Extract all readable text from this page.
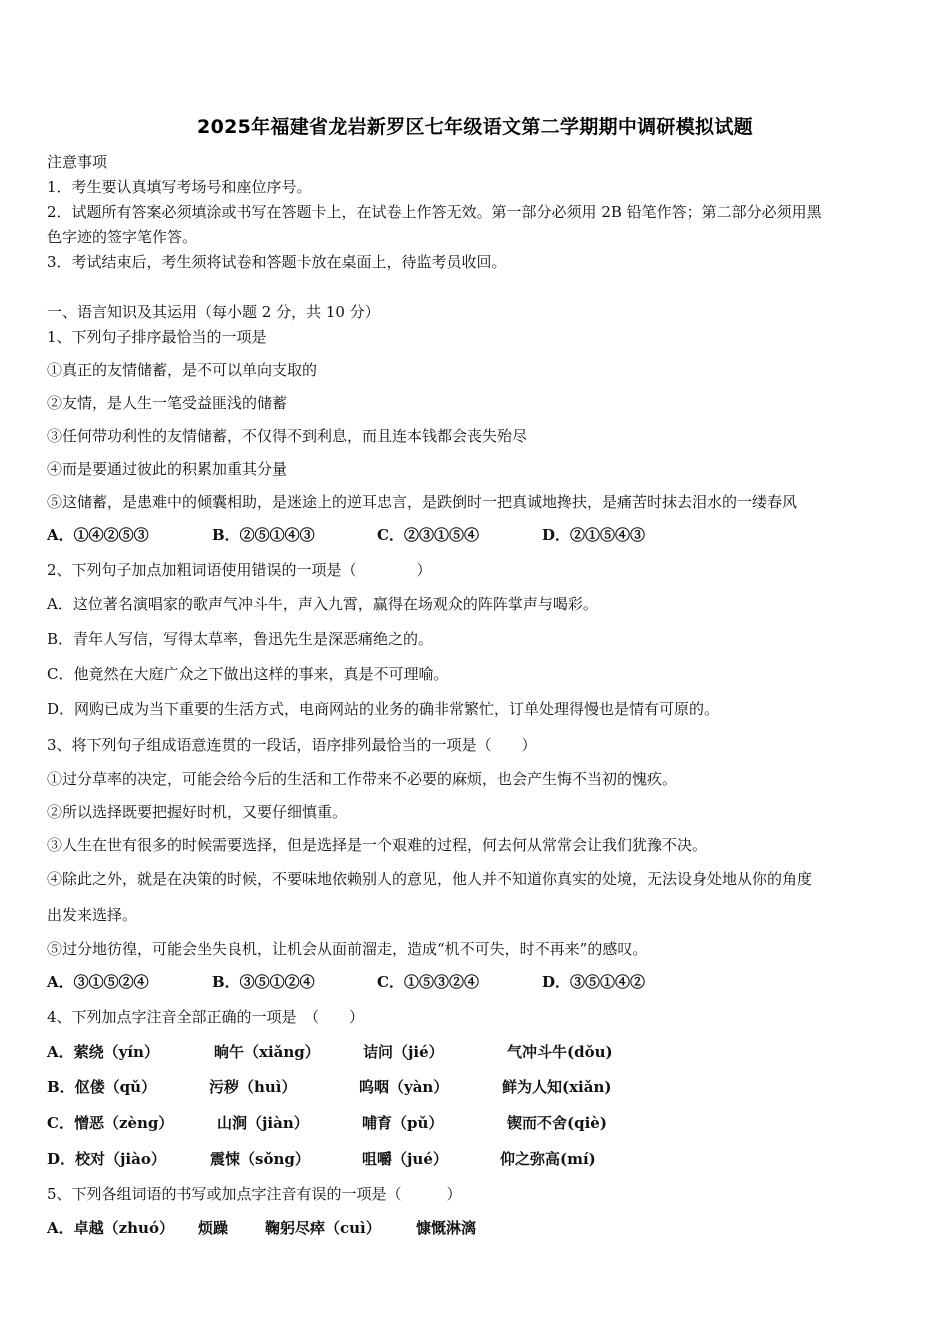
2025年福建省龙岩新罗区七年级语文第二学期期中调研模拟试题
注意事项
1．考生要认真填写考场号和座位序号。
2．试题所有答案必须填涂或书写在答题卡上，在试卷上作答无效。第一部分必须用 2B 铅笔作答；第二部分必须用黑
色字迹的签字笔作答。
3．考试结束后，考生须将试卷和答题卡放在桌面上，待监考员收回。
一、语言知识及其运用（每小题 2 分，共 10 分）
1、下列句子排序最恰当的一项是
①真正的友情储蓄，是不可以单向支取的
②友情，是人生一笔受益匪浅的储蓄
③任何带功利性的友情储蓄，不仅得不到利息，而且连本钱都会丧失殆尽
④而是要通过彼此的积累加重其分量
⑤这储蓄，是患难中的倾囊相助，是迷途上的逆耳忠言，是跌倒时一把真诚地搀扶，是痛苦时抹去泪水的一缕春风
A．①④②⑤③	B．②⑤①④③	C．②③①⑤④	D．②①⑤④③
2、下列句子加点加粗词语使用错误的一项是（　　　　）
A．这位著名演唱家的歌声气冲斗牛，声入九霄，赢得在场观众的阵阵掌声与喝彩。
B．青年人写信，写得太草率，鲁迅先生是深恶痛绝之的。
C．他竟然在大庭广众之下做出这样的事来，真是不可理喻。
D．网购已成为当下重要的生活方式，电商网站的业务的确非常繁忙，订单处理得慢也是情有可原的。
3、将下列句子组成语意连贯的一段话，语序排列最恰当的一项是（　　）
①过分草率的决定，可能会给今后的生活和工作带来不必要的麻烦，也会产生悔不当初的愧疚。
②所以选择既要把握好时机，又要仔细慎重。
③人生在世有很多的时候需要选择，但是选择是一个艰难的过程，何去何从常常会让我们犹豫不决。
④除此之外，就是在决策的时候，不要味地依赖别人的意见，他人并不知道你真实的处境，无法设身处地从你的角度
出发来选择。
⑤过分地彷徨，可能会坐失良机，让机会从面前溜走，造成“机不可失，时不再来”的感叹。
A．③①⑤②④	B．③⑤①②④	C．①⑤③②④	D．③⑤①④②
4、下列加点字注音全部正确的一项是　（　　）
A．萦绕（yín）	晌午（xiǎng）	诘问（jié）	气冲斗牛(dǒu)
B．伛偻（qǔ）	污秽（huì）	呜咽（yàn）	鲜为人知(xiǎn)
C．憎恶（zèng）	山涧（jiàn）	哺育（pǔ）	锲而不舍(qiè)
D．校对（jiào）	震悚（sǒng）	咀嚼（jué）	仰之弥高(mí)
5、下列各组词语的书写或加点字注音有误的一项是（　　　）
A．卓越（zhuó） 烦躁 鞠躬尽瘁（cuì） 慷慨淋漓
